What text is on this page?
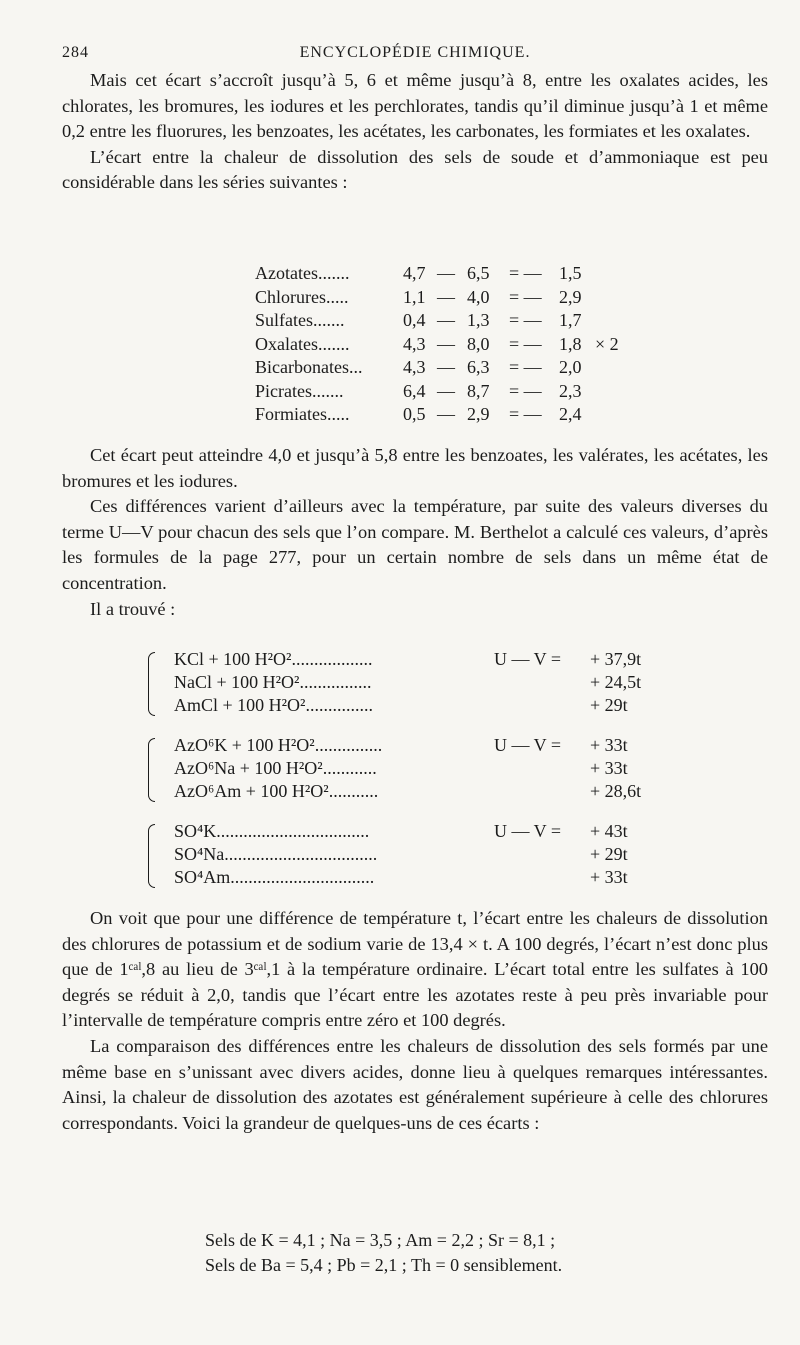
284	ENCYCLOPÉDIE CHIMIQUE.

Mais cet écart s’accroît jusqu’à 5, 6 et même jusqu’à 8, entre les oxalates acides, les chlorates, les bromures, les iodures et les perchlorates, tandis qu’il diminue jusqu’à 1 et même 0,2 entre les fluorures, les benzoates, les acétates, les carbonates, les formiates et les oxalates.

L’écart entre la chaleur de dissolution des sels de soude et d’ammoniaque est peu considérable dans les séries suivantes :

Azotates.......	4,7 — 6,5 = — 1,5
Chlorures.....	1,1 — 4,0 = — 2,9
Sulfates.......	0,4 — 1,3 = — 1,7
Oxalates.......	4,3 — 8,0 = — 1,8 × 2
Bicarbonates... 4,3 — 6,3 = — 2,0
Picrates.......	6,4 — 8,7 = — 2,3
Formiates.....	0,5 — 2,9 = — 2,4

Cet écart peut atteindre 4,0 et jusqu’à 5,8 entre les benzoates, les valérates, les acétates, les bromures et les iodures.

Ces différences varient d’ailleurs avec la température, par suite des valeurs diverses du terme U—V pour chacun des sels que l’on compare. M. Berthelot a calculé ces valeurs, d’après les formules de la page 277, pour un certain nombre de sels dans un même état de concentration.

Il a trouvé :

KCl + 100 H²O²..................	U — V = + 37,9t
NaCl + 100 H²O²................	+ 24,5t
AmCl + 100 H²O²...............	+ 29t
AzO⁶K + 100 H²O²...............	U — V = + 33t
AzO⁶Na + 100 H²O²............	+ 33t
AzO⁶Am + 100 H²O²...........	+ 28,6t
SO⁴K..................................	U — V = + 43t
SO⁴Na..................................	+ 29t
SO⁴Am................................	+ 33t

On voit que pour une différence de température t, l’écart entre les chaleurs de dissolution des chlorures de potassium et de sodium varie de 13,4 × t. A 100 degrés, l’écart n’est donc plus que de 1ᶜᵃˡ,8 au lieu de 3ᶜᵃˡ,1 à la température ordinaire. L’écart total entre les sulfates à 100 degrés se réduit à 2,0, tandis que l’écart entre les azotates reste à peu près invariable pour l’intervalle de température compris entre zéro et 100 degrés.

La comparaison des différences entre les chaleurs de dissolution des sels formés par une même base en s’unissant avec divers acides, donne lieu à quelques remarques intéressantes. Ainsi, la chaleur de dissolution des azotates est généralement supérieure à celle des chlorures correspondants. Voici la grandeur de quelques-uns de ces écarts :

Sels de K = 4,1 ; Na = 3,5 ; Am = 2,2 ; Sr = 8,1 ;
Sels de Ba = 5,4 ; Pb = 2,1 ; Th = 0 sensiblement.
